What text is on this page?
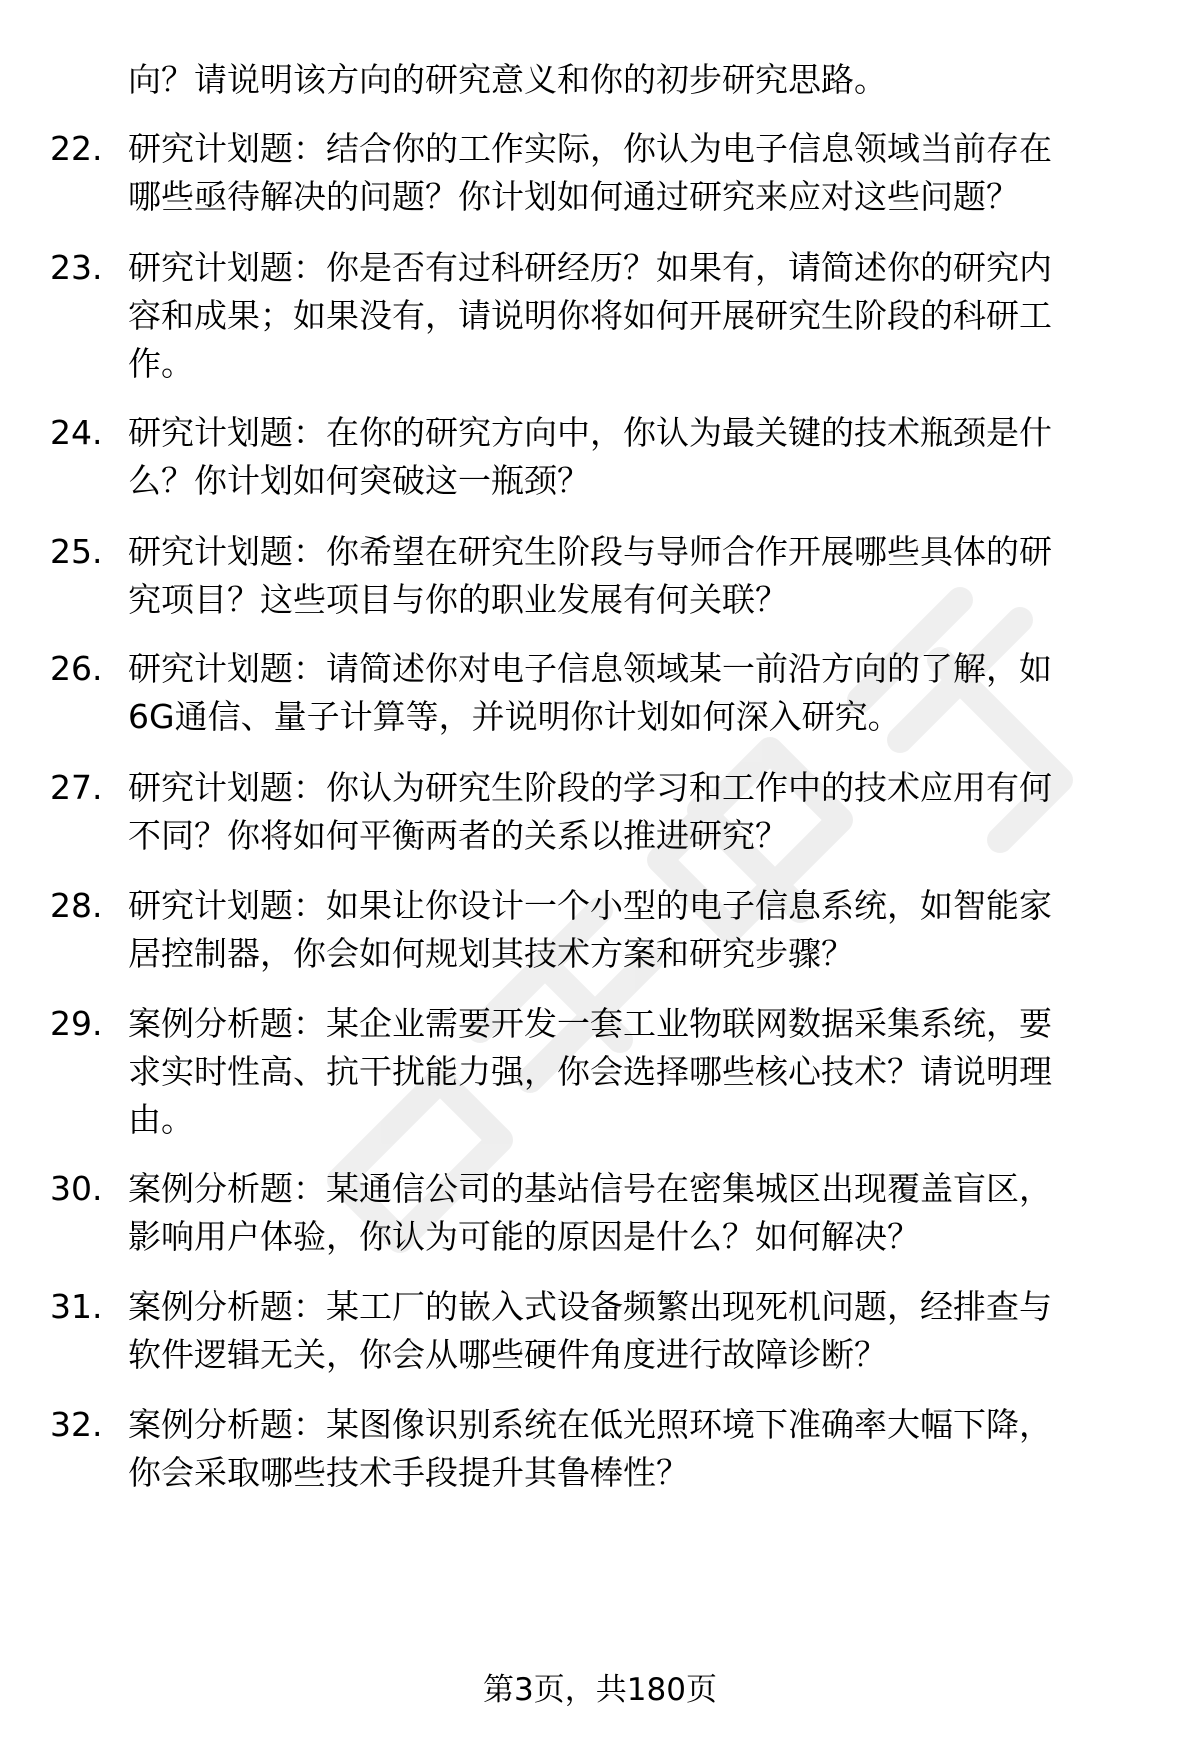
向？请说明该方向的研究意义和你的初步研究思路。
22. 研究计划题：结合你的工作实际，你认为电子信息领域当前存在
哪些亟待解决的问题？你计划如何通过研究来应对这些问题？
23. 研究计划题：你是否有过科研经历？如果有，请简述你的研究内
容和成果；如果没有，请说明你将如何开展研究生阶段的科研工
作。
24. 研究计划题：在你的研究方向中，你认为最关键的技术瓶颈是什
么？你计划如何突破这一瓶颈？
25. 研究计划题：你希望在研究生阶段与导师合作开展哪些具体的研
究项目？这些项目与你的职业发展有何关联？
26. 研究计划题：请简述你对电子信息领域某一前沿方向的了解，如
6G通信、量子计算等，并说明你计划如何深入研究。
27. 研究计划题：你认为研究生阶段的学习和工作中的技术应用有何
不同？你将如何平衡两者的关系以推进研究？
28. 研究计划题：如果让你设计一个小型的电子信息系统，如智能家
居控制器，你会如何规划其技术方案和研究步骤？
29. 案例分析题：某企业需要开发一套工业物联网数据采集系统，要
求实时性高、抗干扰能力强，你会选择哪些核心技术？请说明理
由。
30. 案例分析题：某通信公司的基站信号在密集城区出现覆盖盲区，
影响用户体验，你认为可能的原因是什么？如何解决？
31. 案例分析题：某工厂的嵌入式设备频繁出现死机问题，经排查与
软件逻辑无关，你会从哪些硬件角度进行故障诊断？
32. 案例分析题：某图像识别系统在低光照环境下准确率大幅下降，
你会采取哪些技术手段提升其鲁棒性？
第3页，共180页
